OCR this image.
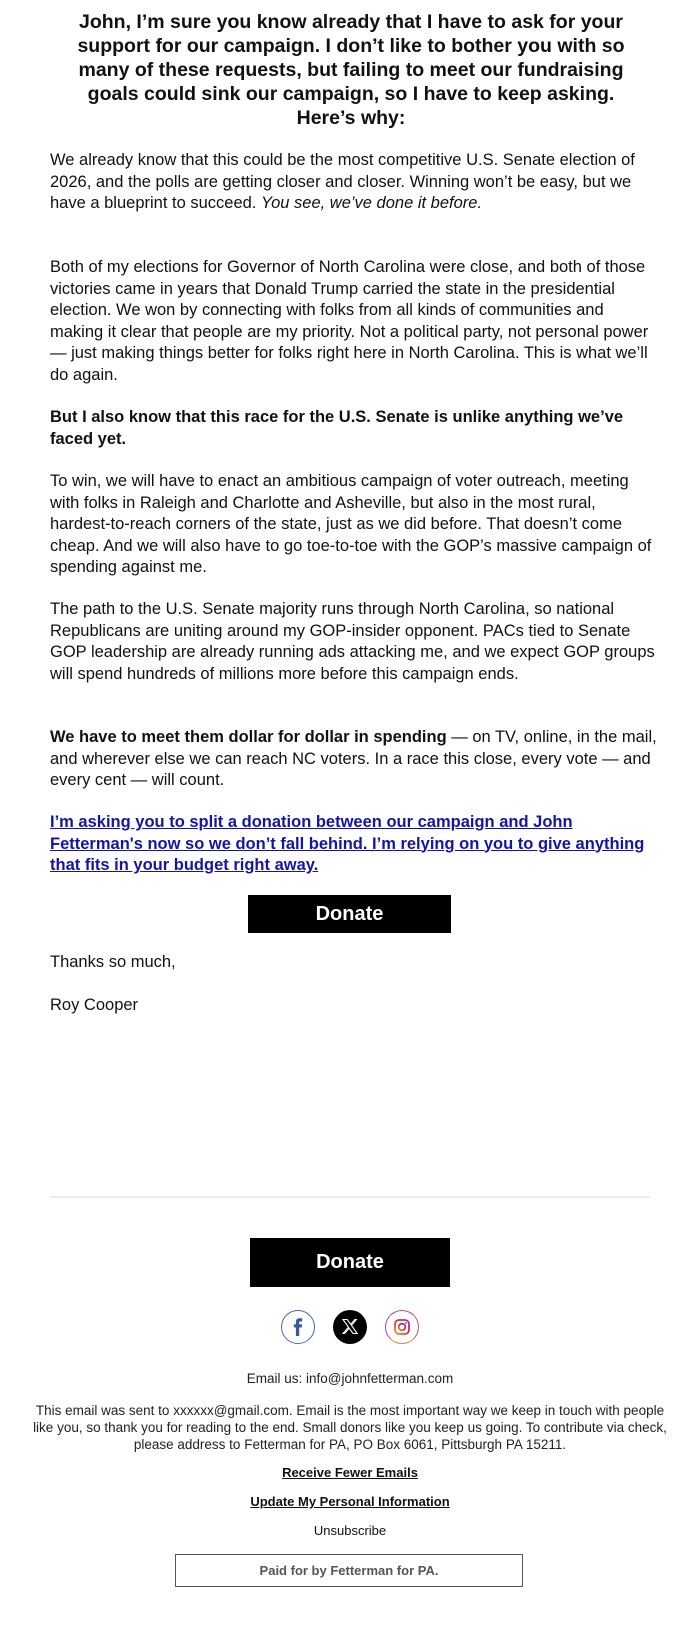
John, I’m sure you know already that I have to ask for your support for our campaign. I don’t like to bother you with so many of these requests, but failing to meet our fundraising goals could sink our campaign, so I have to keep asking. Here’s why:

We already know that this could be the most competitive U.S. Senate election of 2026, and the polls are getting closer and closer. Winning won’t be easy, but we have a blueprint to succeed. You see, we’ve done it before.

Both of my elections for Governor of North Carolina were close, and both of those victories came in years that Donald Trump carried the state in the presidential election. We won by connecting with folks from all kinds of communities and making it clear that people are my priority. Not a political party, not personal power — just making things better for folks right here in North Carolina. This is what we’ll do again.

But I also know that this race for the U.S. Senate is unlike anything we’ve faced yet.

To win, we will have to enact an ambitious campaign of voter outreach, meeting with folks in Raleigh and Charlotte and Asheville, but also in the most rural, hardest-to-reach corners of the state, just as we did before. That doesn’t come cheap. And we will also have to go toe-to-toe with the GOP’s massive campaign of spending against me.

The path to the U.S. Senate majority runs through North Carolina, so national Republicans are uniting around my GOP-insider opponent. PACs tied to Senate GOP leadership are already running ads attacking me, and we expect GOP groups will spend hundreds of millions more before this campaign ends.

We have to meet them dollar for dollar in spending — on TV, online, in the mail, and wherever else we can reach NC voters. In a race this close, every vote — and every cent — will count.

I’m asking you to split a donation between our campaign and John Fetterman's now so we don’t fall behind. I’m relying on you to give anything that fits in your budget right away.

Donate
Thanks so much,
Roy Cooper
Donate
Email us: info@johnfetterman.com
This email was sent to xxxxxx@gmail.com. Email is the most important way we keep in touch with people like you, so thank you for reading to the end. Small donors like you keep us going. To contribute via check, please address to Fetterman for PA, PO Box 6061, Pittsburgh PA 15211.
Receive Fewer Emails
Update My Personal Information
Unsubscribe
Paid for by Fetterman for PA.
